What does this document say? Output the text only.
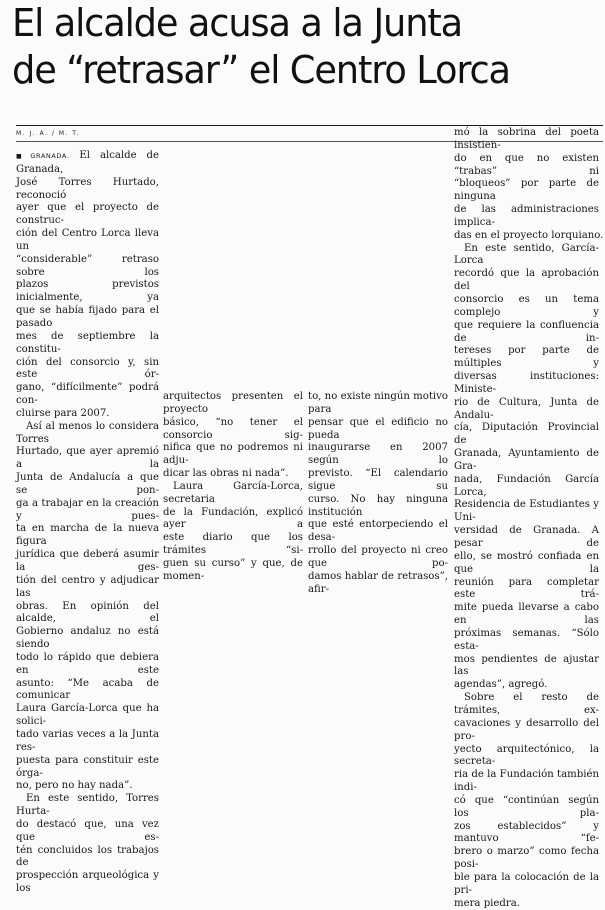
El alcalde acusa a la Junta
de “retrasar” el Centro Lorca
M. J. A. / M. T.
■ GRANADA. El alcalde de Granada,
José Torres Hurtado, reconoció
ayer que el proyecto de construc-
ción del Centro Lorca lleva un
“considerable” retraso sobre los
plazos previstos inicialmente, ya
que se había fijado para el pasado
mes de septiembre la constitu-
ción del consorcio y, sin este ór-
gano, “difícilmente” podrá con-
cluirse para 2007.
Así al menos lo considera Torres
Hurtado, que ayer apremió a la
Junta de Andalucía a que se pon-
ga a trabajar en la creación y pues-
ta en marcha de la nueva figura
jurídica que deberá asumir la ges-
tión del centro y adjudicar las
obras. En opinión del alcalde, el
Gobierno andaluz no está siendo
todo lo rápido que debiera en este
asunto: “Me acaba de comunicar
Laura García-Lorca que ha solici-
tado varias veces a la Junta res-
puesta para constituir este órga-
no, pero no hay nada”.
En este sentido, Torres Hurta-
do destacó que, una vez que es-
tén concluidos los trabajos de
prospección arqueológica y los
arquitectos presenten el proyecto
básico, “no tener el consorcio sig-
nifica que no podremos ni adju-
dicar las obras ni nada”.
Laura García-Lorca, secretaria
de la Fundación, explicó ayer a
este diario que los trámites “si-
guen su curso” y que, de momen-
to, no existe ningún motivo para
pensar que el edificio no pueda
inaugurarse en 2007 según lo
previsto. “El calendario sigue su
curso. No hay ninguna institución
que esté entorpeciendo el desa-
rrollo del proyecto ni creo que po-
damos hablar de retrasos”, afir-
mó la sobrina del poeta insistien-
do en que no existen “trabas” ni
“bloqueos” por parte de ninguna
de las administraciones implica-
das en el proyecto lorquiano.
En este sentido, García-Lorca
recordó que la aprobación del
consorcio es un tema complejo y
que requiere la confluencia de in-
tereses por parte de múltiples y
diversas instituciones: Ministe-
rio de Cultura, Junta de Andalu-
cía, Diputación Provincial de
Granada, Ayuntamiento de Gra-
nada, Fundación García Lorca,
Residencia de Estudiantes y Uni-
versidad de Granada. A pesar de
ello, se mostró confiada en que la
reunión para completar este trá-
mite pueda llevarse a cabo en las
próximas semanas. “Sólo esta-
mos pendientes de ajustar las
agendas”, agregó.
Sobre el resto de trámites, ex-
cavaciones y desarrollo del pro-
yecto arquitectónico, la secreta-
ria de la Fundación también indi-
có que “continúan según los pla-
zos establecidos” y mantuvo “fe-
brero o marzo” como fecha posi-
ble para la colocación de la pri-
mera piedra.
